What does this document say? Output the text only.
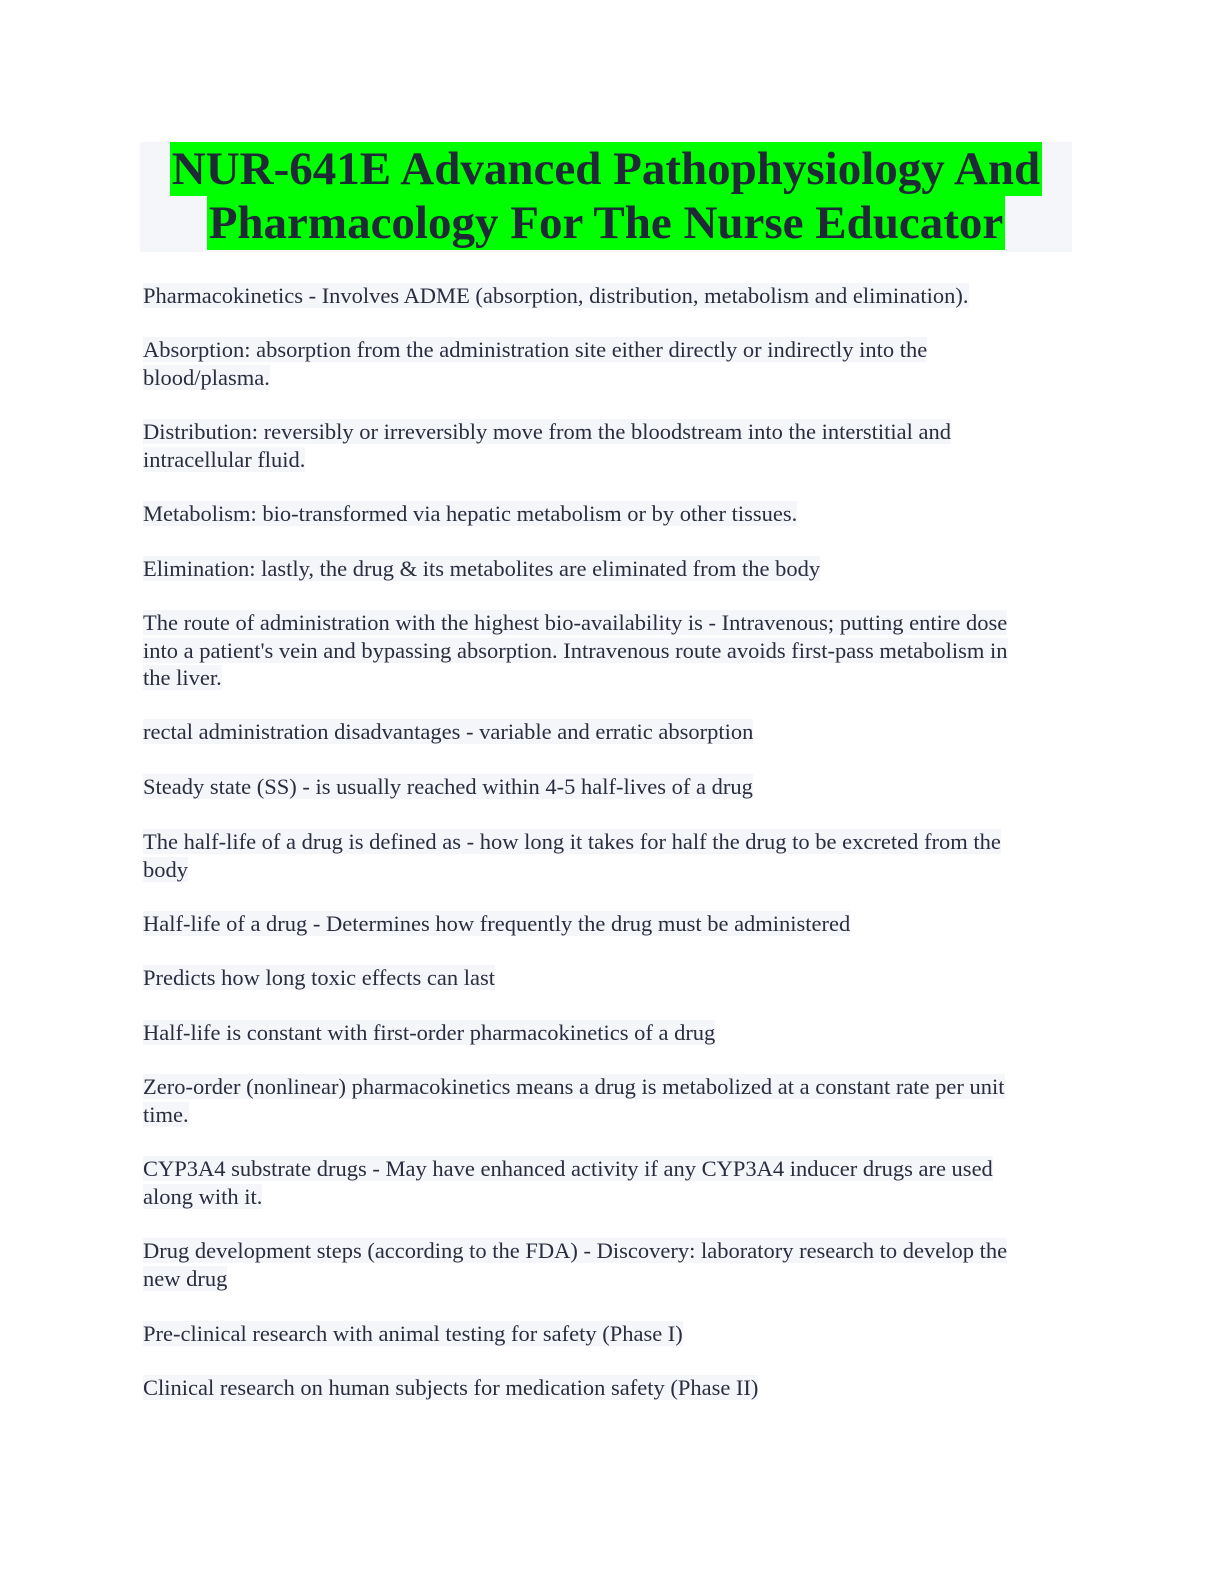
NUR-641E Advanced Pathophysiology And
Pharmacology For The Nurse Educator
Pharmacokinetics - Involves ADME (absorption, distribution, metabolism and elimination).
Absorption: absorption from the administration site either directly or indirectly into the
blood/plasma.
Distribution: reversibly or irreversibly move from the bloodstream into the interstitial and
intracellular fluid.
Metabolism: bio-transformed via hepatic metabolism or by other tissues.
Elimination: lastly, the drug & its metabolites are eliminated from the body
The route of administration with the highest bio-availability is - Intravenous; putting entire dose
into a patient's vein and bypassing absorption. Intravenous route avoids first-pass metabolism in
the liver.
rectal administration disadvantages - variable and erratic absorption
Steady state (SS) - is usually reached within 4-5 half-lives of a drug
The half-life of a drug is defined as - how long it takes for half the drug to be excreted from the
body
Half-life of a drug - Determines how frequently the drug must be administered
Predicts how long toxic effects can last
Half-life is constant with first-order pharmacokinetics of a drug
Zero-order (nonlinear) pharmacokinetics means a drug is metabolized at a constant rate per unit
time.
CYP3A4 substrate drugs - May have enhanced activity if any CYP3A4 inducer drugs are used
along with it.
Drug development steps (according to the FDA) - Discovery: laboratory research to develop the
new drug
Pre-clinical research with animal testing for safety (Phase I)
Clinical research on human subjects for medication safety (Phase II)
